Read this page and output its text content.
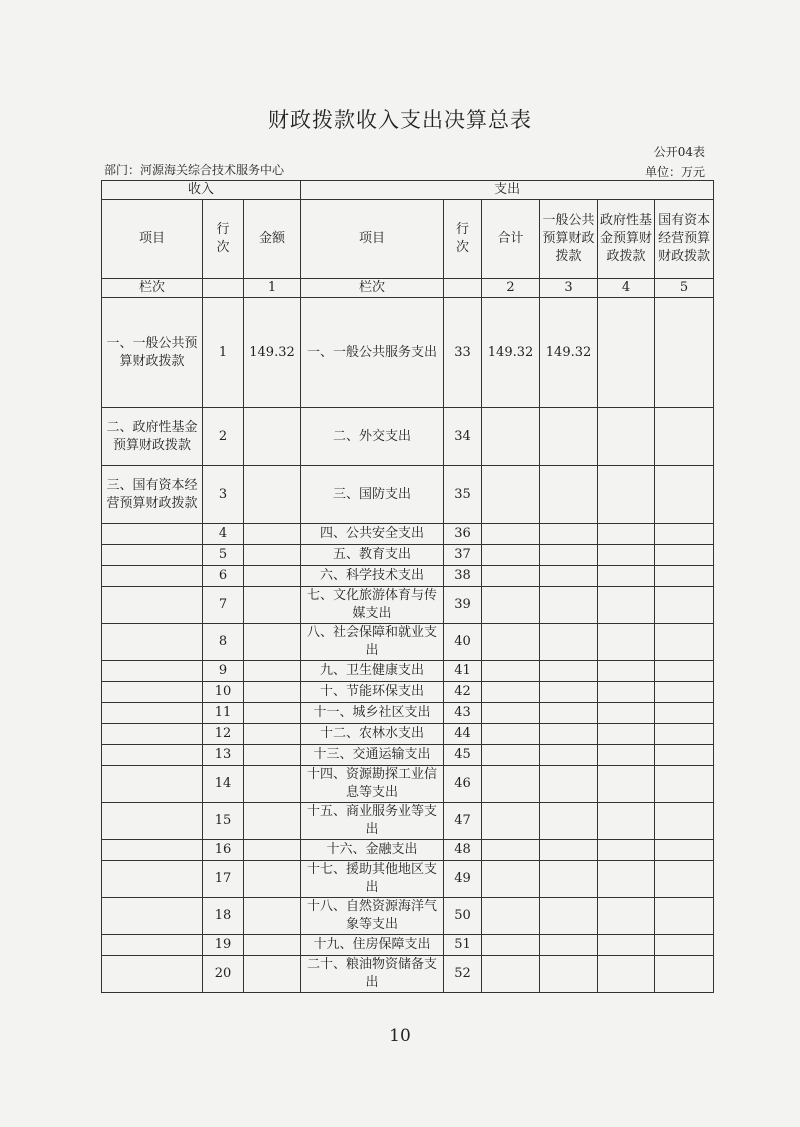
财政拨款收入支出决算总表
公开04表
部门：河源海关综合技术服务中心	单位：万元
收入			支出					
项目	行次	金额	项目	行次	合计	一般公共预算财政拨款	政府性基金预算财政拨款	国有资本经营预算财政拨款
栏次		1	栏次		2	3	4	5
一、一般公共预算财政拨款	1	149.32	一、一般公共服务支出	33	149.32	149.32		
二、政府性基金预算财政拨款	2		二、外交支出	34				
三、国有资本经营预算财政拨款	3		三、国防支出	35				
	4		四、公共安全支出	36				
	5		五、教育支出	37				
	6		六、科学技术支出	38				
	7		七、文化旅游体育与传媒支出	39				
	8		八、社会保障和就业支出	40				
	9		九、卫生健康支出	41				
	10		十、节能环保支出	42				
	11		十一、城乡社区支出	43				
	12		十二、农林水支出	44				
	13		十三、交通运输支出	45				
	14		十四、资源勘探工业信息等支出	46				
	15		十五、商业服务业等支出	47				
	16		十六、金融支出	48				
	17		十七、援助其他地区支出	49				
	18		十八、自然资源海洋气象等支出	50				
	19		十九、住房保障支出	51				
	20		二十、粮油物资储备支出	52				
10
